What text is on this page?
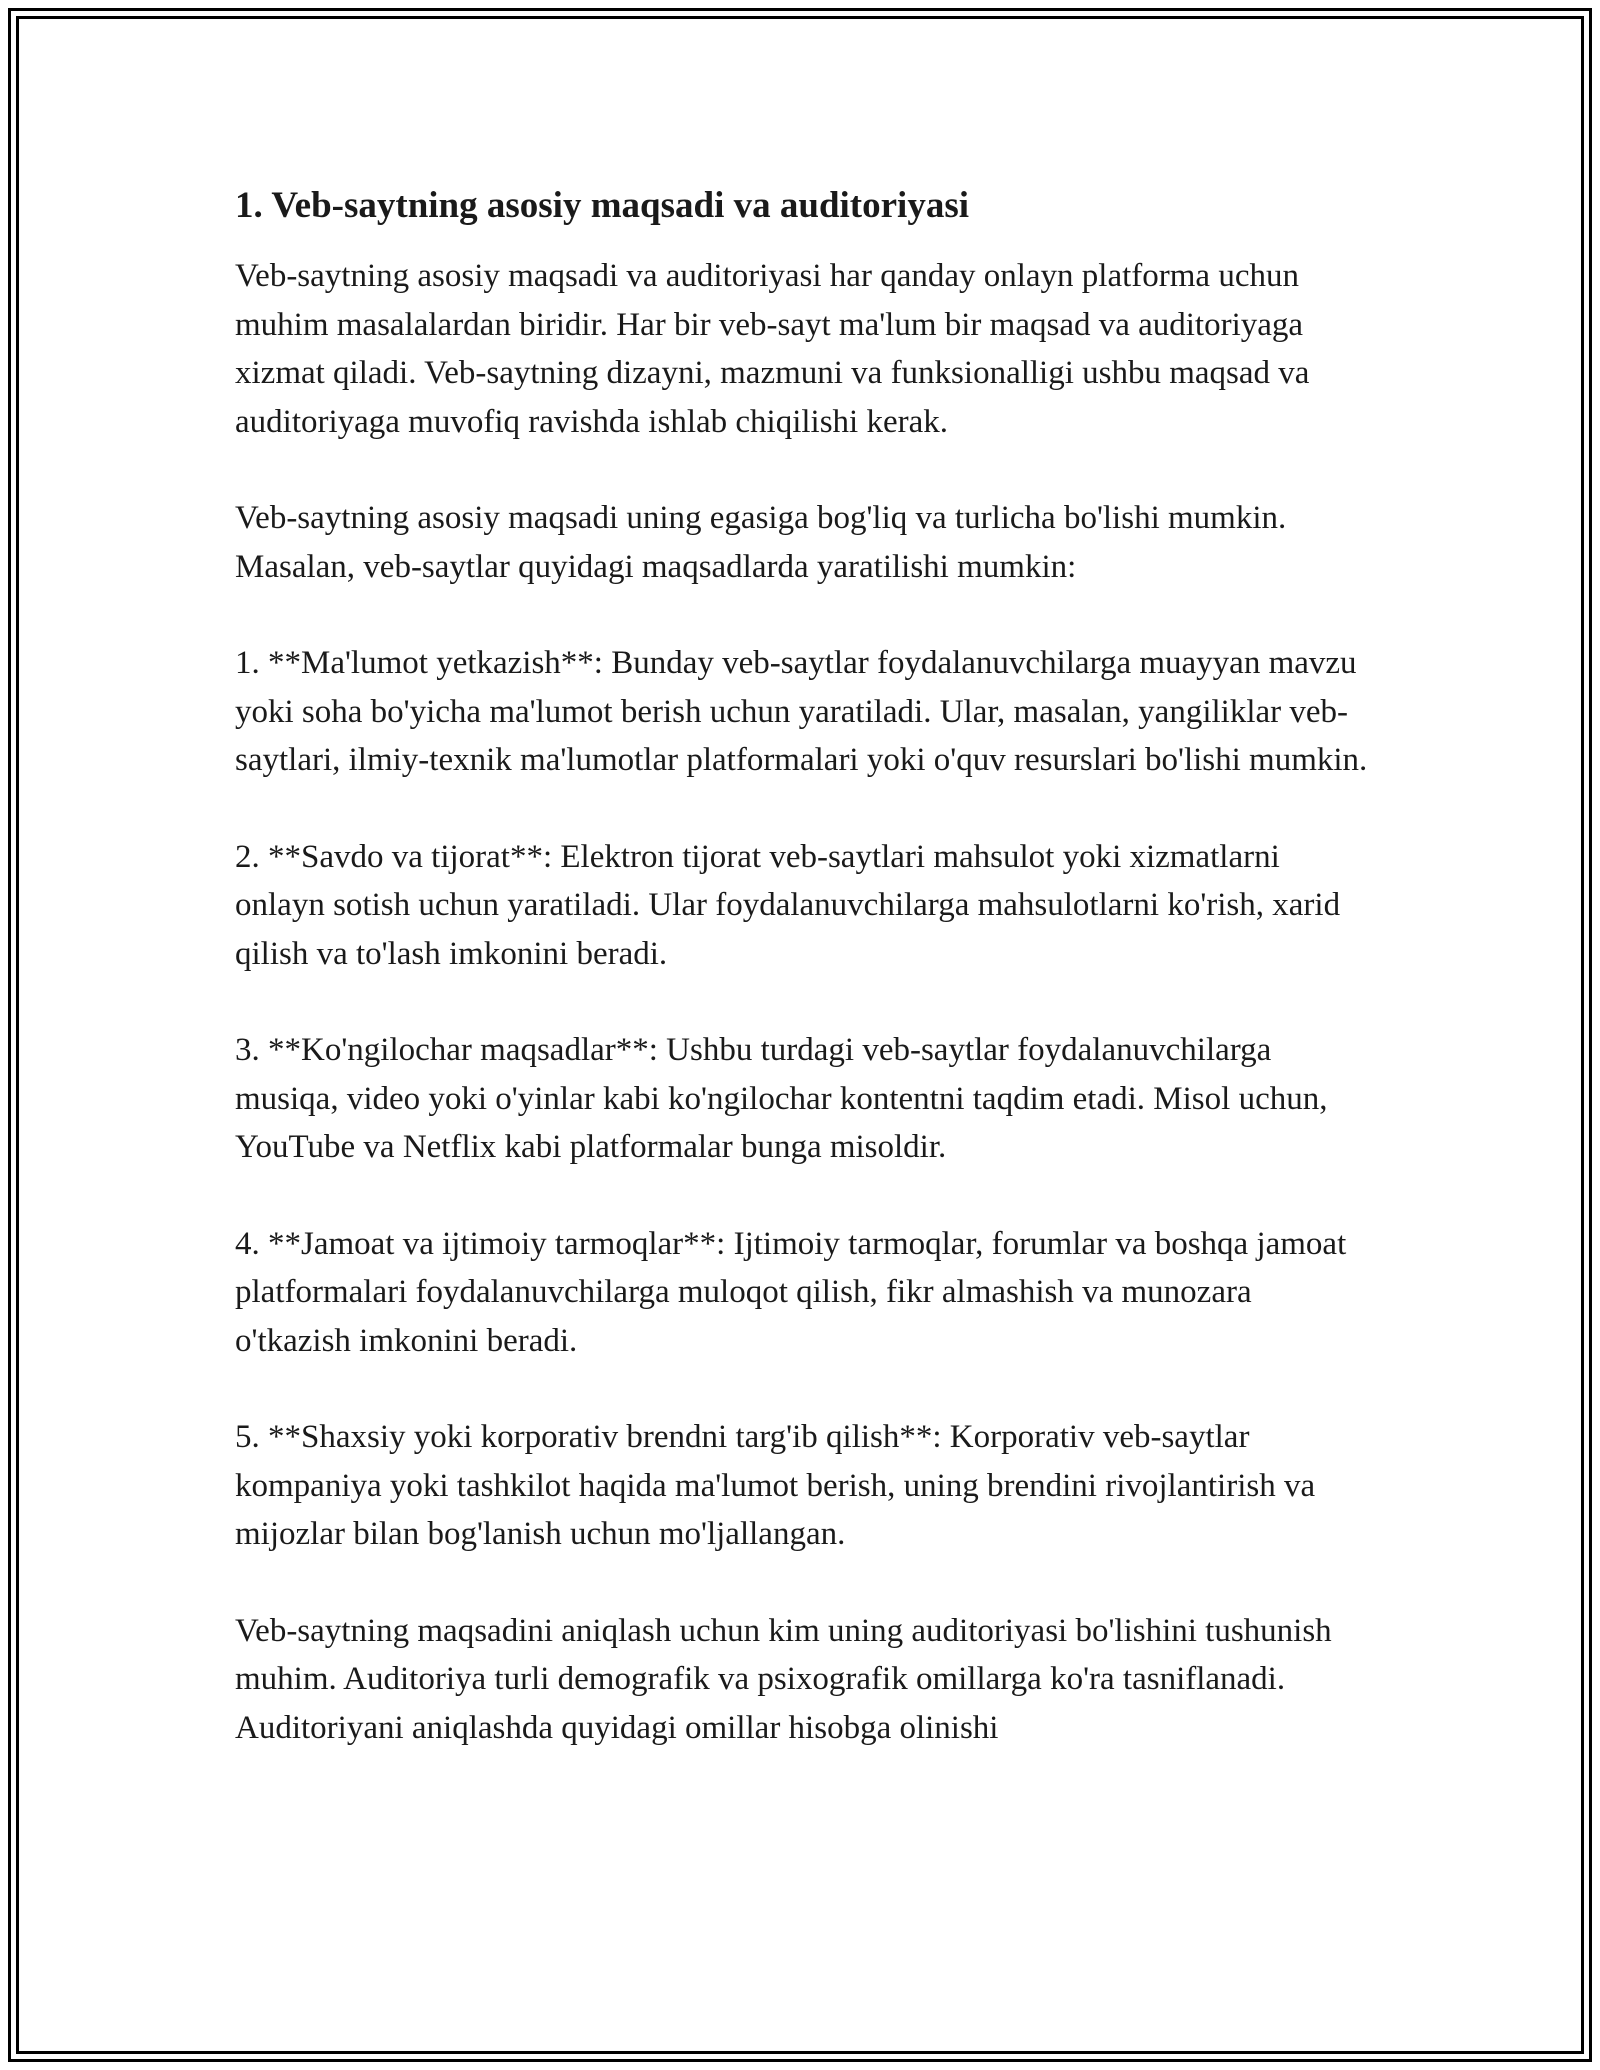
1. Veb-saytning asosiy maqsadi va auditoriyasi

Veb-saytning asosiy maqsadi va auditoriyasi har qanday onlayn platforma uchun muhim masalalardan biridir. Har bir veb-sayt ma'lum bir maqsad va auditoriyaga xizmat qiladi. Veb-saytning dizayni, mazmuni va funksionalligi ushbu maqsad va auditoriyaga muvofiq ravishda ishlab chiqilishi kerak.

Veb-saytning asosiy maqsadi uning egasiga bog'liq va turlicha bo'lishi mumkin. Masalan, veb-saytlar quyidagi maqsadlarda yaratilishi mumkin:

1. **Ma'lumot yetkazish**: Bunday veb-saytlar foydalanuvchilarga muayyan mavzu yoki soha bo'yicha ma'lumot berish uchun yaratiladi. Ular, masalan, yangiliklar veb-saytlari, ilmiy-texnik ma'lumotlar platformalari yoki o'quv resurslari bo'lishi mumkin.

2. **Savdo va tijorat**: Elektron tijorat veb-saytlari mahsulot yoki xizmatlarni onlayn sotish uchun yaratiladi. Ular foydalanuvchilarga mahsulotlarni ko'rish, xarid qilish va to'lash imkonini beradi.

3. **Ko'ngilochar maqsadlar**: Ushbu turdagi veb-saytlar foydalanuvchilarga musiqa, video yoki o'yinlar kabi ko'ngilochar kontentni taqdim etadi. Misol uchun, YouTube va Netflix kabi platformalar bunga misoldir.

4. **Jamoat va ijtimoiy tarmoqlar**: Ijtimoiy tarmoqlar, forumlar va boshqa jamoat platformalari foydalanuvchilarga muloqot qilish, fikr almashish va munozara o'tkazish imkonini beradi.

5. **Shaxsiy yoki korporativ brendni targ'ib qilish**: Korporativ veb-saytlar kompaniya yoki tashkilot haqida ma'lumot berish, uning brendini rivojlantirish va mijozlar bilan bog'lanish uchun mo'ljallangan.

Veb-saytning maqsadini aniqlash uchun kim uning auditoriyasi bo'lishini tushunish muhim. Auditoriya turli demografik va psixografik omillarga ko'ra tasniflanadi. Auditoriyani aniqlashda quyidagi omillar hisobga olinishi
